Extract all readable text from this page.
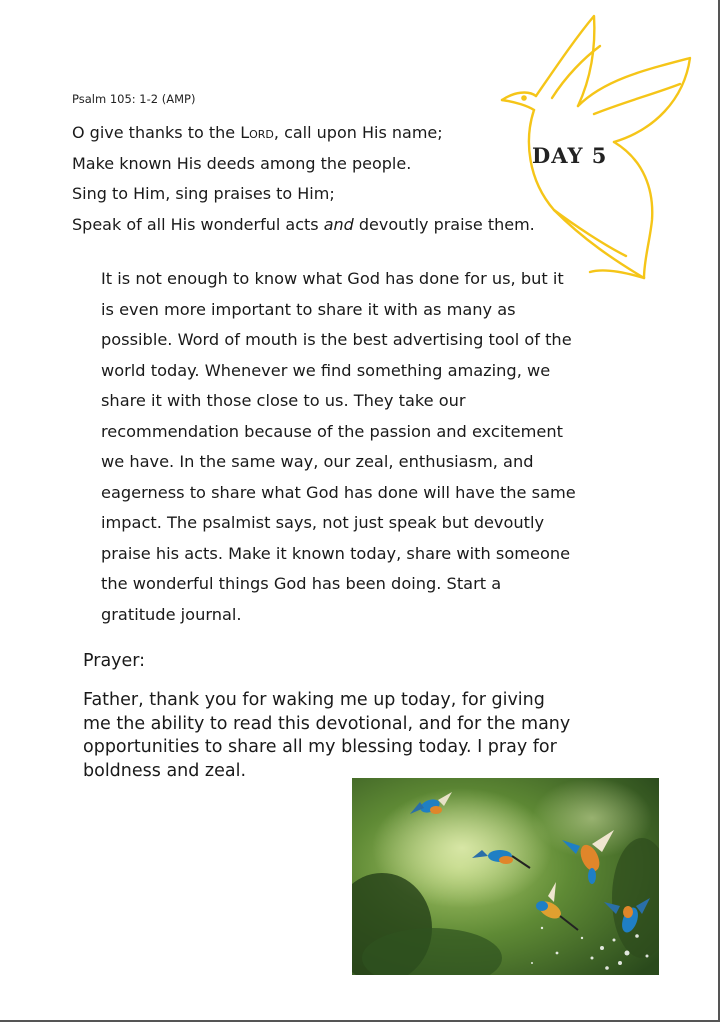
DAY 5
Psalm 105: 1-2 (AMP)
O give thanks to the Lord, call upon His name;
Make known His deeds among the people.
Sing to Him, sing praises to Him;
Speak of all His wonderful acts and devoutly praise them.
It is not enough to know what God has done for us, but it
is even more important to share it with as many as
possible. Word of mouth is the best advertising tool of the
world today. Whenever we find something amazing, we
share it with those close to us. They take our
recommendation because of the passion and excitement
we have. In the same way, our zeal, enthusiasm, and
eagerness to share what God has done will have the same
impact. The psalmist says, not just speak but devoutly
praise his acts. Make it known today, share with someone
the wonderful things God has been doing. Start a
gratitude journal.
Prayer:
Father, thank you for waking me up today, for giving
me the ability to read this devotional, and for the many
opportunities to share all my blessing today. I pray for
boldness and zeal.
